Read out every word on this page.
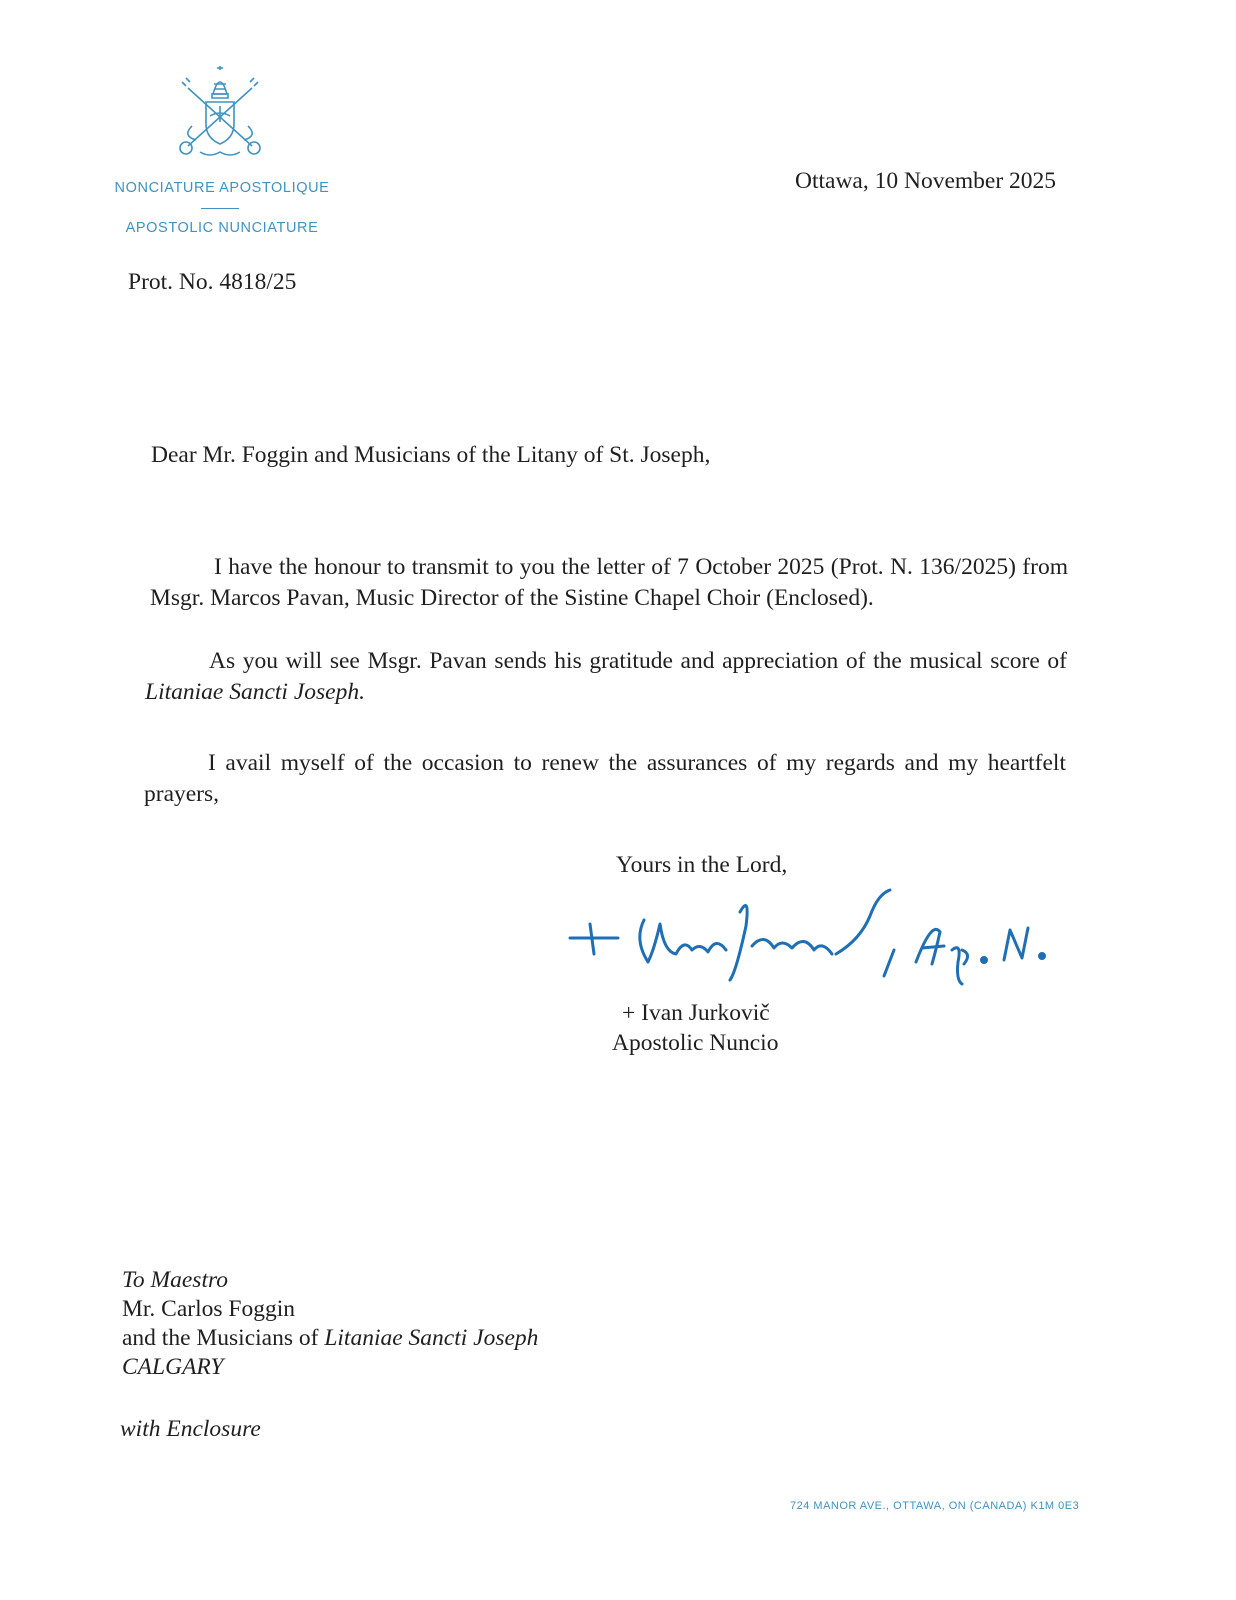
NONCIATURE APOSTOLIQUE
APOSTOLIC NUNCIATURE
Ottawa, 10 November 2025
Prot. No. 4818/25
Dear Mr. Foggin and Musicians of the Litany of St. Joseph,
I have the honour to transmit to you the letter of 7 October 2025 (Prot. N. 136/2025) from Msgr. Marcos Pavan, Music Director of the Sistine Chapel Choir (Enclosed).
As you will see Msgr. Pavan sends his gratitude and appreciation of the musical score of Litaniae Sancti Joseph.
I avail myself of the occasion to renew the assurances of my regards and my heartfelt prayers,
Yours in the Lord,
+ Ivan Jurkovič
Apostolic Nuncio
To Maestro
Mr. Carlos Foggin
and the Musicians of Litaniae Sancti Joseph
CALGARY
with Enclosure
724 MANOR AVE., OTTAWA, ON (CANADA) K1M 0E3
